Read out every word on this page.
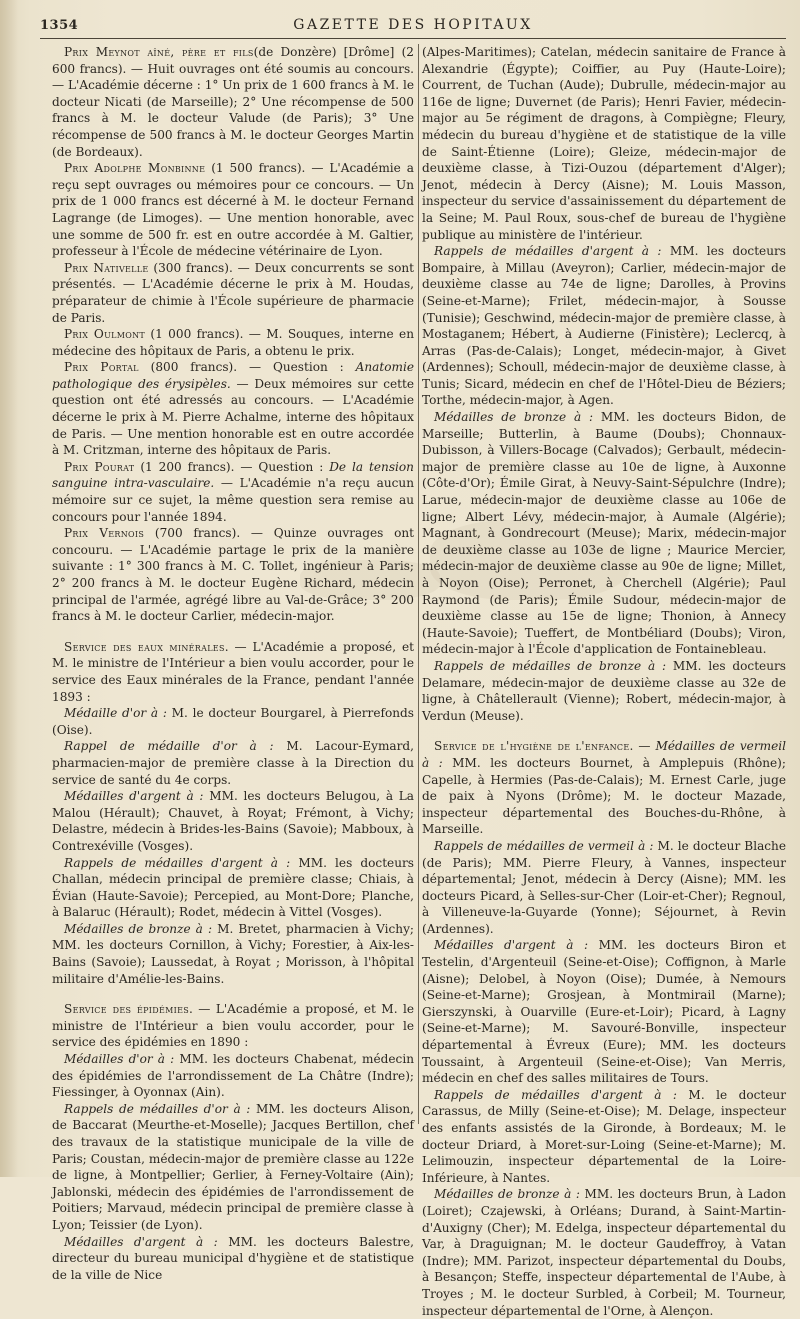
1354	GAZETTE DES HOPITAUX

Prix Meynot aîné, père et fils(de Donzère) [Drôme] (2 600 francs). — Huit ouvrages ont été soumis au concours. — L'Académie décerne : 1° Un prix de 1 600 francs à M. le docteur Nicati (de Marseille); 2° Une récompense de 500 francs à M. le docteur Valude (de Paris); 3° Une récompense de 500 francs à M. le docteur Georges Martin (de Bordeaux).

Prix Adolphe Monbinne (1 500 francs). — L'Académie a reçu sept ouvrages ou mémoires pour ce concours. — Un prix de 1 000 francs est décerné à M. le docteur Fernand Lagrange (de Limoges). — Une mention honorable, avec une somme de 500 fr. est en outre accordée à M. Galtier, professeur à l'École de médecine vétérinaire de Lyon.

Prix Nativelle (300 francs). — Deux concurrents se sont présentés. — L'Académie décerne le prix à M. Houdas, préparateur de chimie à l'École supérieure de pharmacie de Paris.

Prix Oulmont (1 000 francs). — M. Souques, interne en médecine des hôpitaux de Paris, a obtenu le prix.

Prix Portal (800 francs). — Question : Anatomie pathologique des érysipèles. — Deux mémoires sur cette question ont été adressés au concours. — L'Académie décerne le prix à M. Pierre Achalme, interne des hôpitaux de Paris. — Une mention honorable est en outre accordée à M. Critzman, interne des hôpitaux de Paris.

Prix Pourat (1 200 francs). — Question : De la tension sanguine intra-vasculaire. — L'Académie n'a reçu aucun mémoire sur ce sujet, la même question sera remise au concours pour l'année 1894.

Prix Vernois (700 francs). — Quinze ouvrages ont concouru. — L'Académie partage le prix de la manière suivante : 1° 300 francs à M. C. Tollet, ingénieur à Paris; 2° 200 francs à M. le docteur Eugène Richard, médecin principal de l'armée, agrégé libre au Val-de-Grâce; 3° 200 francs à M. le docteur Carlier, médecin-major.

Service des eaux minérales. — L'Académie a proposé, et M. le ministre de l'Intérieur a bien voulu accorder, pour le service des Eaux minérales de la France, pendant l'année 1893 :

Médaille d'or à : M. le docteur Bourgarel, à Pierrefonds (Oise).

Rappel de médaille d'or à : M. Lacour-Eymard, pharmacien-major de première classe à la Direction du service de santé du 4e corps.

Médailles d'argent à : MM. les docteurs Belugou, à La Malou (Hérault); Chauvet, à Royat; Frémont, à Vichy; Delastre, médecin à Brides-les-Bains (Savoie); Mabboux, à Contrexéville (Vosges).

Rappels de médailles d'argent à : MM. les docteurs Challan, médecin principal de première classe; Chiais, à Évian (Haute-Savoie); Percepied, au Mont-Dore; Planche, à Balaruc (Hérault); Rodet, médecin à Vittel (Vosges).

Médailles de bronze à : M. Bretet, pharmacien à Vichy; MM. les docteurs Cornillon, à Vichy; Forestier, à Aix-les-Bains (Savoie); Laussedat, à Royat ; Morisson, à l'hôpital militaire d'Amélie-les-Bains.

Service des épidémies. — L'Académie a proposé, et M. le ministre de l'Intérieur a bien voulu accorder, pour le service des épidémies en 1890 :

Médailles d'or à : MM. les docteurs Chabenat, médecin des épidémies de l'arrondissement de La Châtre (Indre); Fiessinger, à Oyonnax (Ain).

Rappels de médailles d'or à : MM. les docteurs Alison, de Baccarat (Meurthe-et-Moselle); Jacques Bertillon, chef des travaux de la statistique municipale de la ville de Paris; Coustan, médecin-major de première classe au 122e de ligne, à Montpellier; Gerlier, à Ferney-Voltaire (Ain); Jablonski, médecin des épidémies de l'arrondissement de Poitiers; Marvaud, médecin principal de première classe à Lyon; Teissier (de Lyon).

Médailles d'argent à : MM. les docteurs Balestre, directeur du bureau municipal d'hygiène et de statistique de la ville de Nice

(Alpes-Maritimes); Catelan, médecin sanitaire de France à Alexandrie (Égypte); Coiffier, au Puy (Haute-Loire); Courrent, de Tuchan (Aude); Dubrulle, médecin-major au 116e de ligne; Duvernet (de Paris); Henri Favier, médecin-major au 5e régiment de dragons, à Compiègne; Fleury, médecin du bureau d'hygiène et de statistique de la ville de Saint-Étienne (Loire); Gleize, médecin-major de deuxième classe, à Tizi-Ouzou (département d'Alger); Jenot, médecin à Dercy (Aisne); M. Louis Masson, inspecteur du service d'assainissement du département de la Seine; M. Paul Roux, sous-chef de bureau de l'hygiène publique au ministère de l'intérieur.

Rappels de médailles d'argent à : MM. les docteurs Bompaire, à Millau (Aveyron); Carlier, médecin-major de deuxième classe au 74e de ligne; Darolles, à Provins (Seine-et-Marne); Frilet, médecin-major, à Sousse (Tunisie); Geschwind, médecin-major de première classe, à Mostaganem; Hébert, à Audierne (Finistère); Leclercq, à Arras (Pas-de-Calais); Longet, médecin-major, à Givet (Ardennes); Schoull, médecin-major de deuxième classe, à Tunis; Sicard, médecin en chef de l'Hôtel-Dieu de Béziers; Torthe, médecin-major, à Agen.

Médailles de bronze à : MM. les docteurs Bidon, de Marseille; Butterlin, à Baume (Doubs); Chonnaux-Dubisson, à Villers-Bocage (Calvados); Gerbault, médecin-major de première classe au 10e de ligne, à Auxonne (Côte-d'Or); Émile Girat, à Neuvy-Saint-Sépulchre (Indre); Larue, médecin-major de deuxième classe au 106e de ligne; Albert Lévy, médecin-major, à Aumale (Algérie); Magnant, à Gondrecourt (Meuse); Marix, médecin-major de deuxième classe au 103e de ligne ; Maurice Mercier, médecin-major de deuxième classe au 90e de ligne; Millet, à Noyon (Oise); Perronet, à Cherchell (Algérie); Paul Raymond (de Paris); Émile Sudour, médecin-major de deuxième classe au 15e de ligne; Thonion, à Annecy (Haute-Savoie); Tueffert, de Montbéliard (Doubs); Viron, médecin-major à l'École d'application de Fontainebleau.

Rappels de médailles de bronze à : MM. les docteurs Delamare, médecin-major de deuxième classe au 32e de ligne, à Châtellerault (Vienne); Robert, médecin-major, à Verdun (Meuse).

Service de l'hygiène de l'enfance. — Médailles de vermeil à : MM. les docteurs Bournet, à Amplepuis (Rhône); Capelle, à Hermies (Pas-de-Calais); M. Ernest Carle, juge de paix à Nyons (Drôme); M. le docteur Mazade, inspecteur départemental des Bouches-du-Rhône, à Marseille.

Rappels de médailles de vermeil à : M. le docteur Blache (de Paris); MM. Pierre Fleury, à Vannes, inspecteur départemental; Jenot, médecin à Dercy (Aisne); MM. les docteurs Picard, à Selles-sur-Cher (Loir-et-Cher); Regnoul, à Villeneuve-la-Guyarde (Yonne); Séjournet, à Revin (Ardennes).

Médailles d'argent à : MM. les docteurs Biron et Testelin, d'Argenteuil (Seine-et-Oise); Coffignon, à Marle (Aisne); Delobel, à Noyon (Oise); Dumée, à Nemours (Seine-et-Marne); Grosjean, à Montmirail (Marne); Gierszynski, à Ouarville (Eure-et-Loir); Picard, à Lagny (Seine-et-Marne); M. Savouré-Bonville, inspecteur départemental à Évreux (Eure); MM. les docteurs Toussaint, à Argenteuil (Seine-et-Oise); Van Merris, médecin en chef des salles militaires de Tours.

Rappels de médailles d'argent à : M. le docteur Carassus, de Milly (Seine-et-Oise); M. Delage, inspecteur des enfants assistés de la Gironde, à Bordeaux; M. le docteur Driard, à Moret-sur-Loing (Seine-et-Marne); M. Lelimouzin, inspecteur départemental de la Loire-Inférieure, à Nantes.

Médailles de bronze à : MM. les docteurs Brun, à Ladon (Loiret); Czajewski, à Orléans; Durand, à Saint-Martin-d'Auxigny (Cher); M. Edelga, inspecteur départemental du Var, à Draguignan; M. le docteur Gaudeffroy, à Vatan (Indre); MM. Parizot, inspecteur départemental du Doubs, à Besançon; Steffe, inspecteur départemental de l'Aube, à Troyes ; M. le docteur Surbled, à Corbeil; M. Tourneur, inspecteur départemental de l'Orne, à Alençon.
